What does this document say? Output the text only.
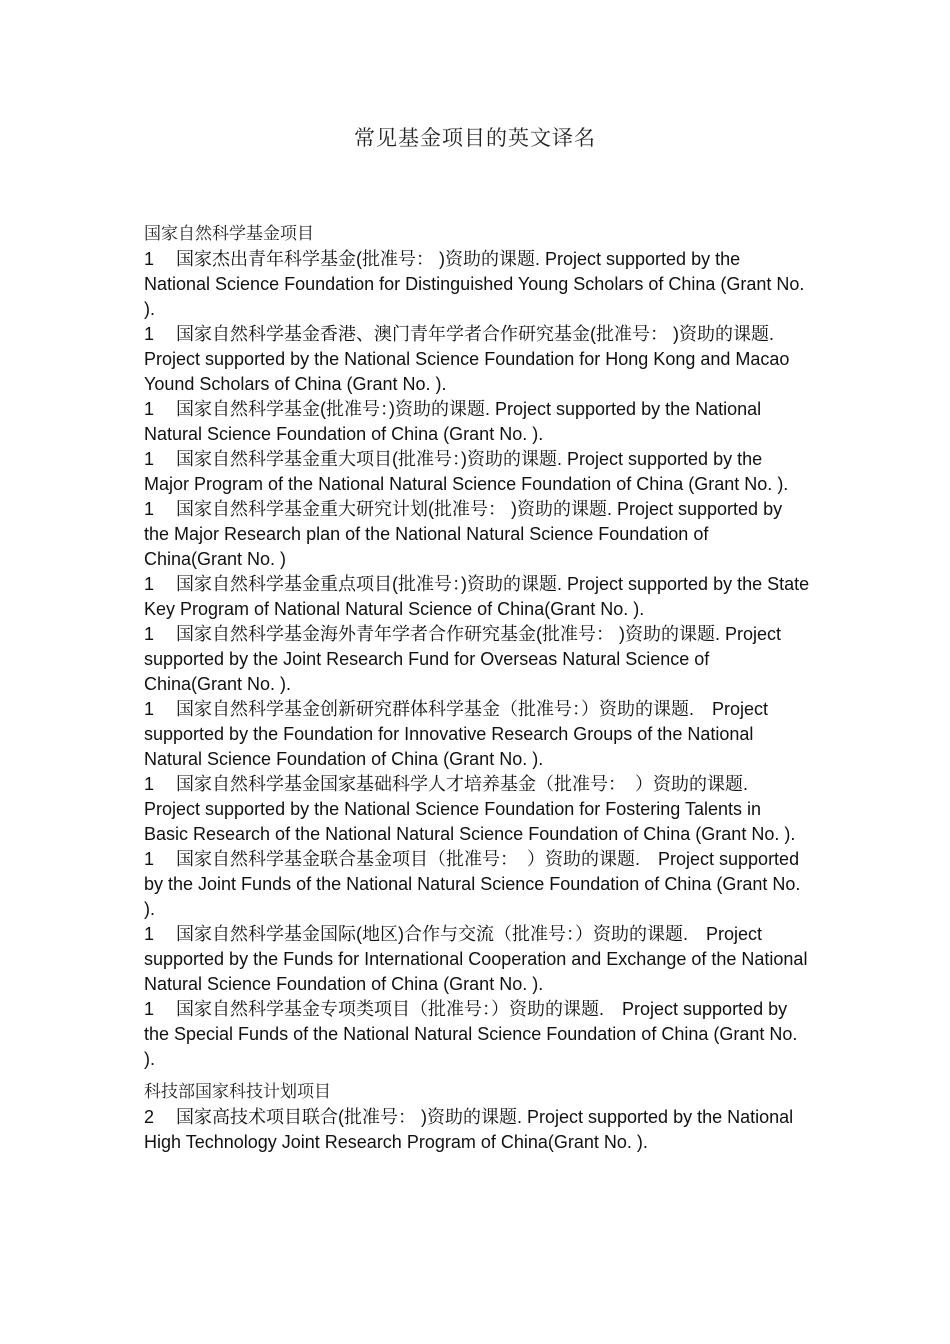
常见基金项目的英文译名
国家自然科学基金项目

1 国家杰出青年科学基金(批准号： )资助的课题. Project supported by the National Science Foundation for Distinguished Young Scholars of China (Grant No. ).

1 国家自然科学基金香港、澳门青年学者合作研究基金(批准号： )资助的课题. Project supported by the National Science Foundation for Hong Kong and Macao Yound Scholars of China (Grant No. ).

1 国家自然科学基金(批准号：)资助的课题. Project supported by the National Natural Science Foundation of China (Grant No. ).

1 国家自然科学基金重大项目(批准号：)资助的课题. Project supported by the Major Program of the National Natural Science Foundation of China (Grant No. ).

1 国家自然科学基金重大研究计划(批准号： )资助的课题. Project supported by the Major Research plan of the National Natural Science Foundation of China(Grant No. )

1 国家自然科学基金重点项目(批准号：)资助的课题. Project supported by the State Key Program of National Natural Science of China(Grant No. ).

1 国家自然科学基金海外青年学者合作研究基金(批准号： )资助的课题. Project supported by the Joint Research Fund for Overseas Natural Science of China(Grant No. ).

1 国家自然科学基金创新研究群体科学基金（批准号：）资助的课题.　Project supported by the Foundation for Innovative Research Groups of the National Natural Science Foundation of China (Grant No. ).

1 国家自然科学基金国家基础科学人才培养基金（批准号：　）资助的课题.　Project supported by the National Science Foundation for Fostering Talents in Basic Research of the National Natural Science Foundation of China (Grant No. ).

1 国家自然科学基金联合基金项目（批准号：　）资助的课题.　Project supported by the Joint Funds of the National Natural Science Foundation of China (Grant No. ).

1 国家自然科学基金国际(地区)合作与交流（批准号：）资助的课题.　Project supported by the Funds for International Cooperation and Exchange of the National Natural Science Foundation of China (Grant No. ).

1 国家自然科学基金专项类项目（批准号：）资助的课题.　Project supported by the Special Funds of the National Natural Science Foundation of China (Grant No. ).

科技部国家科技计划项目

2 国家高技术项目联合(批准号： )资助的课题. Project supported by the National High Technology Joint Research Program of China(Grant No. ).
